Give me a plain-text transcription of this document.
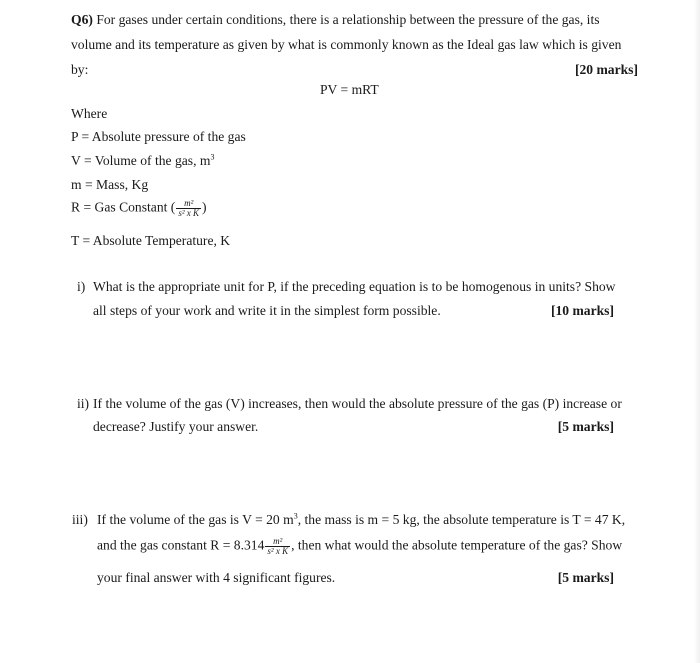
Q6) For gases under certain conditions, there is a relationship between the pressure of the gas, its
volume and its temperature as given by what is commonly known as the Ideal gas law which is given
by:	[20 marks]
PV = mRT
Where
P = Absolute pressure of the gas
V = Volume of the gas, $m^3$
m = Mass, Kg
R = Gas Constant ( $\frac{\text{m²}}{\text{s² x K}}$ )
T = Absolute Temperature, K
i) What is the appropriate unit for P, if the preceding equation is to be homogenous in units? Show
all steps of your work and write it in the simplest form possible.	[10 marks]
ii) If the volume of the gas (V) increases, then would the absolute pressure of the gas (P) increase or
decrease? Justify your answer.	[5 marks]
iii) If the volume of the gas is V = 20 $m^3$, the mass is m = 5 kg, the absolute temperature is T = 47 K,
and the gas constant $R = 8.314 \frac{\text{m²}}{\text{s² x K}}$ , then what would the absolute temperature of the gas? Show
your final answer with 4 significant figures.	[5 marks]
